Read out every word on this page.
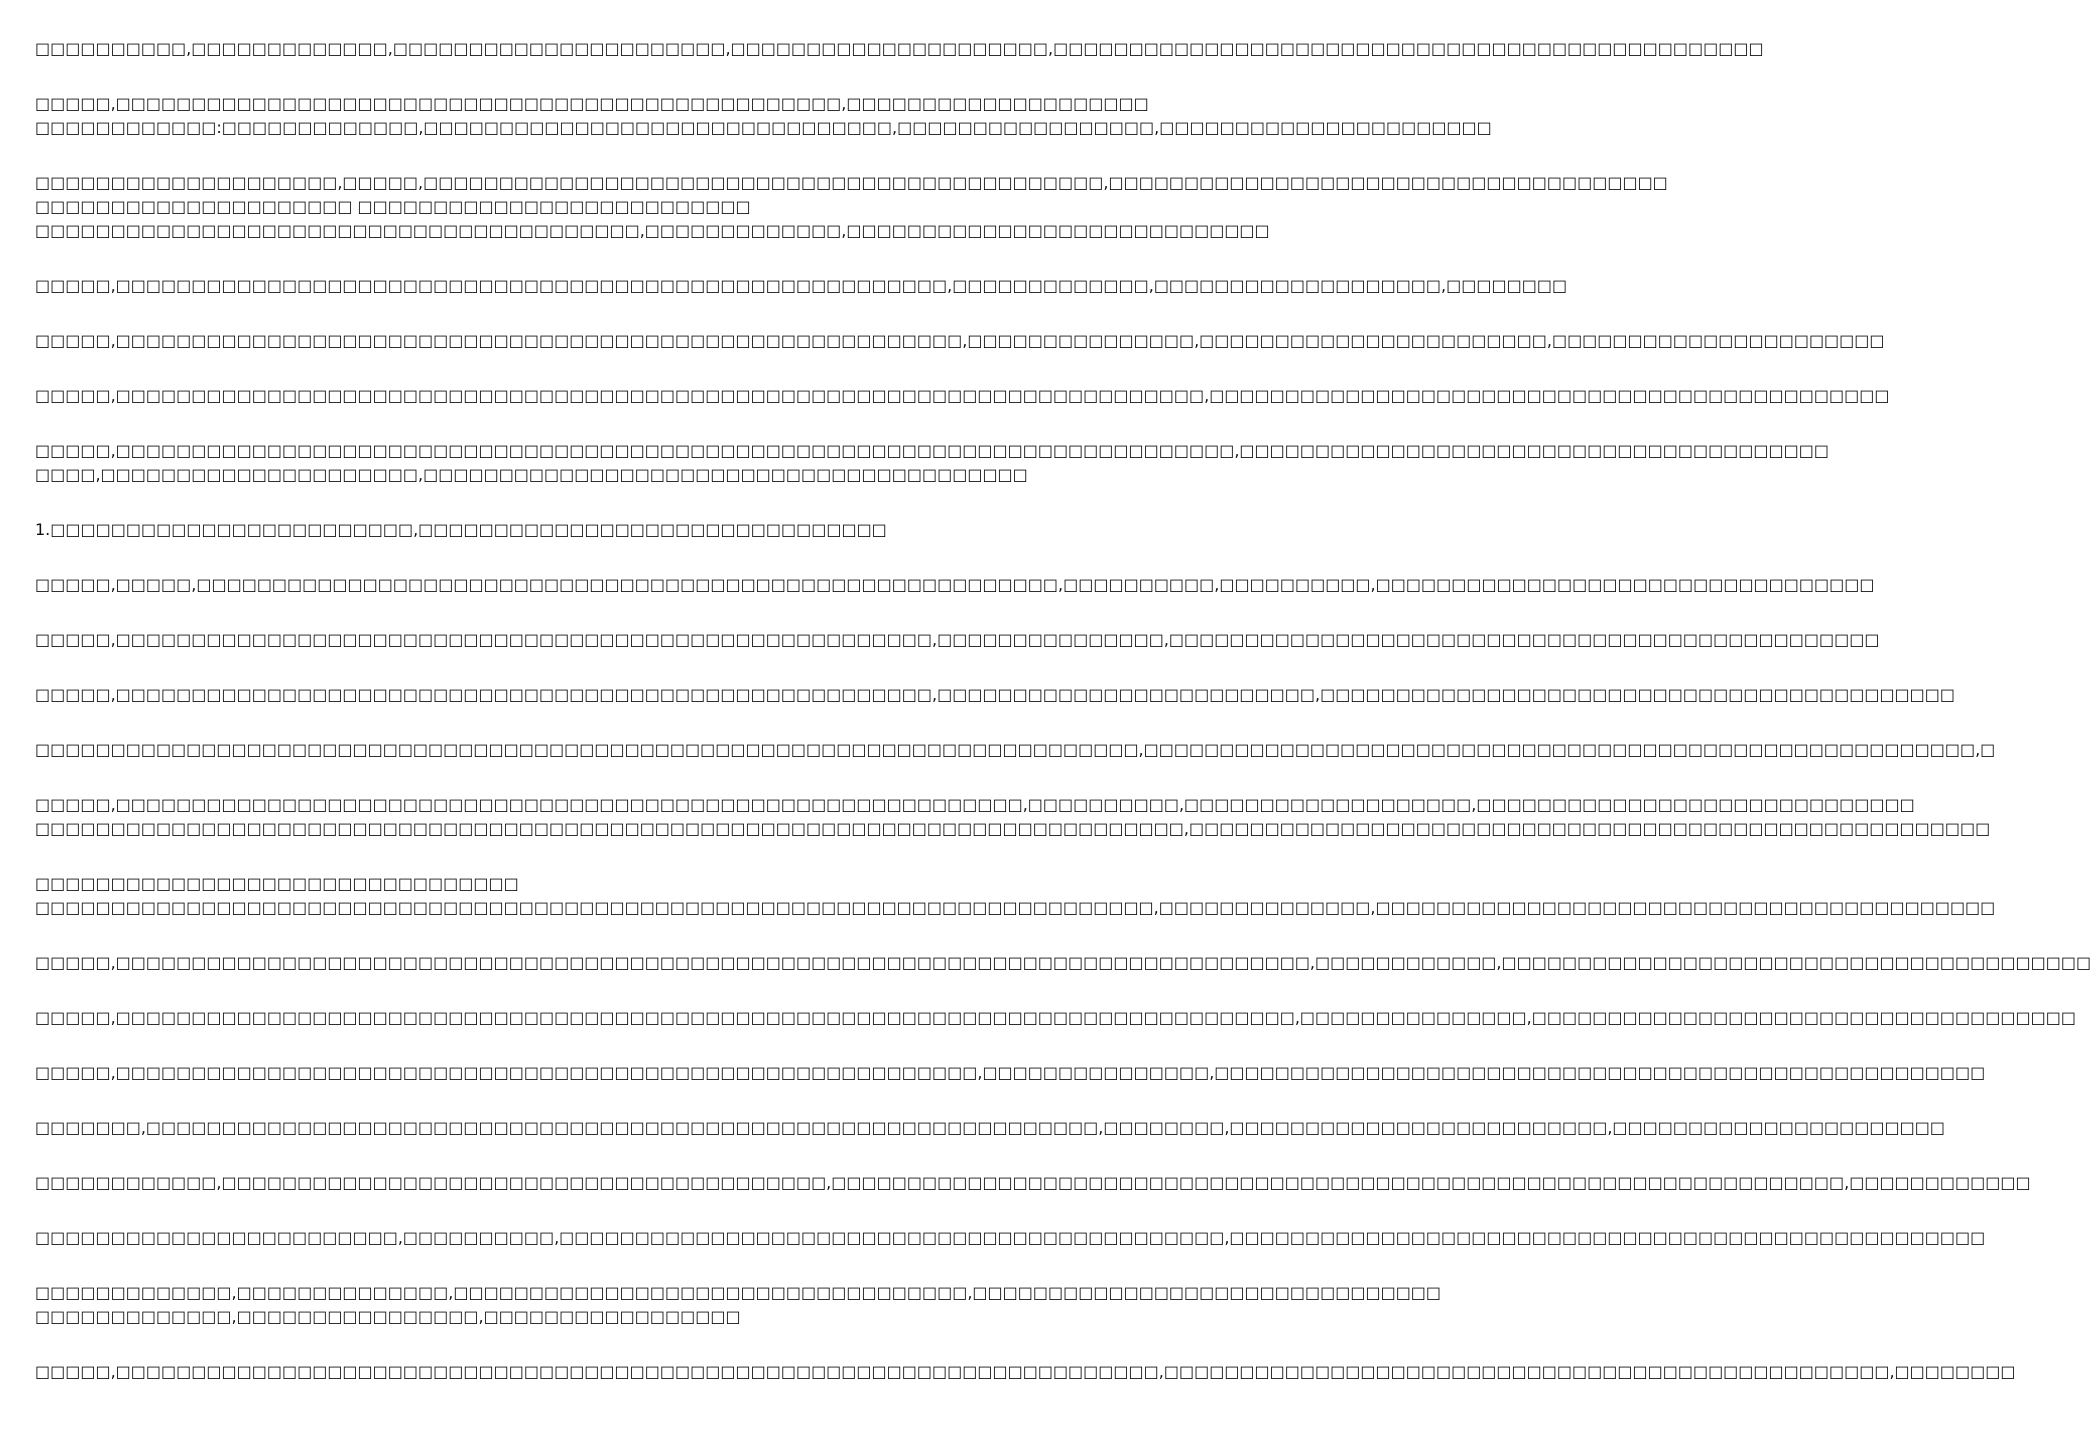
□□□□□□□□□□,□□□□□□□□□□□□□,□□□□□□□□□□□□□□□□□□□□□□,□□□□□□□□□□□□□□□□□□□□□,□□□□□□□□□□□□□□□□□□□□□□□□□□□□□□□□□□□□□□□□□□□□□□□
□□□□□,□□□□□□□□□□□□□□□□□□□□□□□□□□□□□□□□□□□□□□□□□□□□□□□□,□□□□□□□□□□□□□□□□□□□□
□□□□□□□□□□□□:□□□□□□□□□□□□□,□□□□□□□□□□□□□□□□□□□□□□□□□□□□□□□,□□□□□□□□□□□□□□□□□,□□□□□□□□□□□□□□□□□□□□□□
□□□□□□□□□□□□□□□□□□□□,□□□□□,□□□□□□□□□□□□□□□□□□□□□□□□□□□□□□□□□□□□□□□□□□□□□,□□□□□□□□□□□□□□□□□□□□□□□□□□□□□□□□□□□□□
□□□□□□□□□□□□□□□□□□□□□ □□□□□□□□□□□□□□□□□□□□□□□□□□
□□□□□□□□□□□□□□□□□□□□□□□□□□□□□□□□□□□□□□□□,□□□□□□□□□□□□□,□□□□□□□□□□□□□□□□□□□□□□□□□□□□
□□□□□,□□□□□□□□□□□□□□□□□□□□□□□□□□□□□□□□□□□□□□□□□□□□□□□□□□□□□□□,□□□□□□□□□□□□□,□□□□□□□□□□□□□□□□□□□,□□□□□□□□
□□□□□,□□□□□□□□□□□□□□□□□□□□□□□□□□□□□□□□□□□□□□□□□□□□□□□□□□□□□□□□,□□□□□□□□□□□□□□□,□□□□□□□□□□□□□□□□□□□□□□□,□□□□□□□□□□□□□□□□□□□□□□
□□□□□,□□□□□□□□□□□□□□□□□□□□□□□□□□□□□□□□□□□□□□□□□□□□□□□□□□□□□□□□□□□□□□□□□□□□□□□□,□□□□□□□□□□□□□□□□□□□□□□□□□□□□□□□□□□□□□□□□□□□□□
□□□□□,□□□□□□□□□□□□□□□□□□□□□□□□□□□□□□□□□□□□□□□□□□□□□□□□□□□□□□□□□□□□□□□□□□□□□□□□□□,□□□□□□□□□□□□□□□□□□□□□□□□□□□□□□□□□□□□□□□
□□□□,□□□□□□□□□□□□□□□□□□□□□,□□□□□□□□□□□□□□□□□□□□□□□□□□□□□□□□□□□□□□□□
1.□□□□□□□□□□□□□□□□□□□□□□□□,□□□□□□□□□□□□□□□□□□□□□□□□□□□□□□□
□□□□□,□□□□□,□□□□□□□□□□□□□□□□□□□□□□□□□□□□□□□□□□□□□□□□□□□□□□□□□□□□□□□□□,□□□□□□□□□□,□□□□□□□□□□,□□□□□□□□□□□□□□□□□□□□□□□□□□□□□□□□□
□□□□□,□□□□□□□□□□□□□□□□□□□□□□□□□□□□□□□□□□□□□□□□□□□□□□□□□□□□□□,□□□□□□□□□□□□□□□,□□□□□□□□□□□□□□□□□□□□□□□□□□□□□□□□□□□□□□□□□□□□□□□
□□□□□,□□□□□□□□□□□□□□□□□□□□□□□□□□□□□□□□□□□□□□□□□□□□□□□□□□□□□□,□□□□□□□□□□□□□□□□□□□□□□□□□,□□□□□□□□□□□□□□□□□□□□□□□□□□□□□□□□□□□□□□□□□□
□□□□□□□□□□□□□□□□□□□□□□□□□□□□□□□□□□□□□□□□□□□□□□□□□□□□□□□□□□□□□□□□□□□□□□□□□,□□□□□□□□□□□□□□□□□□□□□□□□□□□□□□□□□□□□□□□□□□□□□□□□□□□□□□□,□
□□□□□,□□□□□□□□□□□□□□□□□□□□□□□□□□□□□□□□□□□□□□□□□□□□□□□□□□□□□□□□□□□□,□□□□□□□□□□,□□□□□□□□□□□□□□□□□□□,□□□□□□□□□□□□□□□□□□□□□□□□□□□□□
□□□□□□□□□□□□□□□□□□□□□□□□□□□□□□□□□□□□□□□□□□□□□□□□□□□□□□□□□□□□□□□□□□□□□□□□□□□□,□□□□□□□□□□□□□□□□□□□□□□□□□□□□□□□□□□□□□□□□□□□□□□□□□□□□□
□□□□□□□□□□□□□□□□□□□□□□□□□□□□□□□□
□□□□□□□□□□□□□□□□□□□□□□□□□□□□□□□□□□□□□□□□□□□□□□□□□□□□□□□□□□□□□□□□□□□□□□□□□□,□□□□□□□□□□□□□□,□□□□□□□□□□□□□□□□□□□□□□□□□□□□□□□□□□□□□□□□□
□□□□□,□□□□□□□□□□□□□□□□□□□□□□□□□□□□□□□□□□□□□□□□□□□□□□□□□□□□□□□□□□□□□□□□□□□□□□□□□□□□□□□,□□□□□□□□□□□□,□□□□□□□□□□□□□□□□□□□□□□□□□□□□□□□□□□□□□□□
□□□□□,□□□□□□□□□□□□□□□□□□□□□□□□□□□□□□□□□□□□□□□□□□□□□□□□□□□□□□□□□□□□□□□□□□□□□□□□□□□□□□,□□□□□□□□□□□□□□□,□□□□□□□□□□□□□□□□□□□□□□□□□□□□□□□□□□□□
□□□□□,□□□□□□□□□□□□□□□□□□□□□□□□□□□□□□□□□□□□□□□□□□□□□□□□□□□□□□□□□,□□□□□□□□□□□□□□□,□□□□□□□□□□□□□□□□□□□□□□□□□□□□□□□□□□□□□□□□□□□□□□□□□□□
□□□□□□□,□□□□□□□□□□□□□□□□□□□□□□□□□□□□□□□□□□□□□□□□□□□□□□□□□□□□□□□□□□□□□□□,□□□□□□□□,□□□□□□□□□□□□□□□□□□□□□□□□□,□□□□□□□□□□□□□□□□□□□□□□
□□□□□□□□□□□□,□□□□□□□□□□□□□□□□□□□□□□□□□□□□□□□□□□□□□□□□,□□□□□□□□□□□□□□□□□□□□□□□□□□□□□□□□□□□□□□□□□□□□□□□□□□□□□□□□□□□□□□□□□□□,□□□□□□□□□□□□
□□□□□□□□□□□□□□□□□□□□□□□□,□□□□□□□□□□,□□□□□□□□□□□□□□□□□□□□□□□□□□□□□□□□□□□□□□□□□□□□,□□□□□□□□□□□□□□□□□□□□□□□□□□□□□□□□□□□□□□□□□□□□□□□□□□
□□□□□□□□□□□□□,□□□□□□□□□□□□□□,□□□□□□□□□□□□□□□□□□□□□□□□□□□□□□□□□□,□□□□□□□□□□□□□□□□□□□□□□□□□□□□□□□
□□□□□□□□□□□□□,□□□□□□□□□□□□□□□□,□□□□□□□□□□□□□□□□□
□□□□□,□□□□□□□□□□□□□□□□□□□□□□□□□□□□□□□□□□□□□□□□□□□□□□□□□□□□□□□□□□□□□□□□□□□□□,□□□□□□□□□□□□□□□□□□□□□□□□□□□□□□□□□□□□□□□□□□□□□□□□,□□□□□□□□
